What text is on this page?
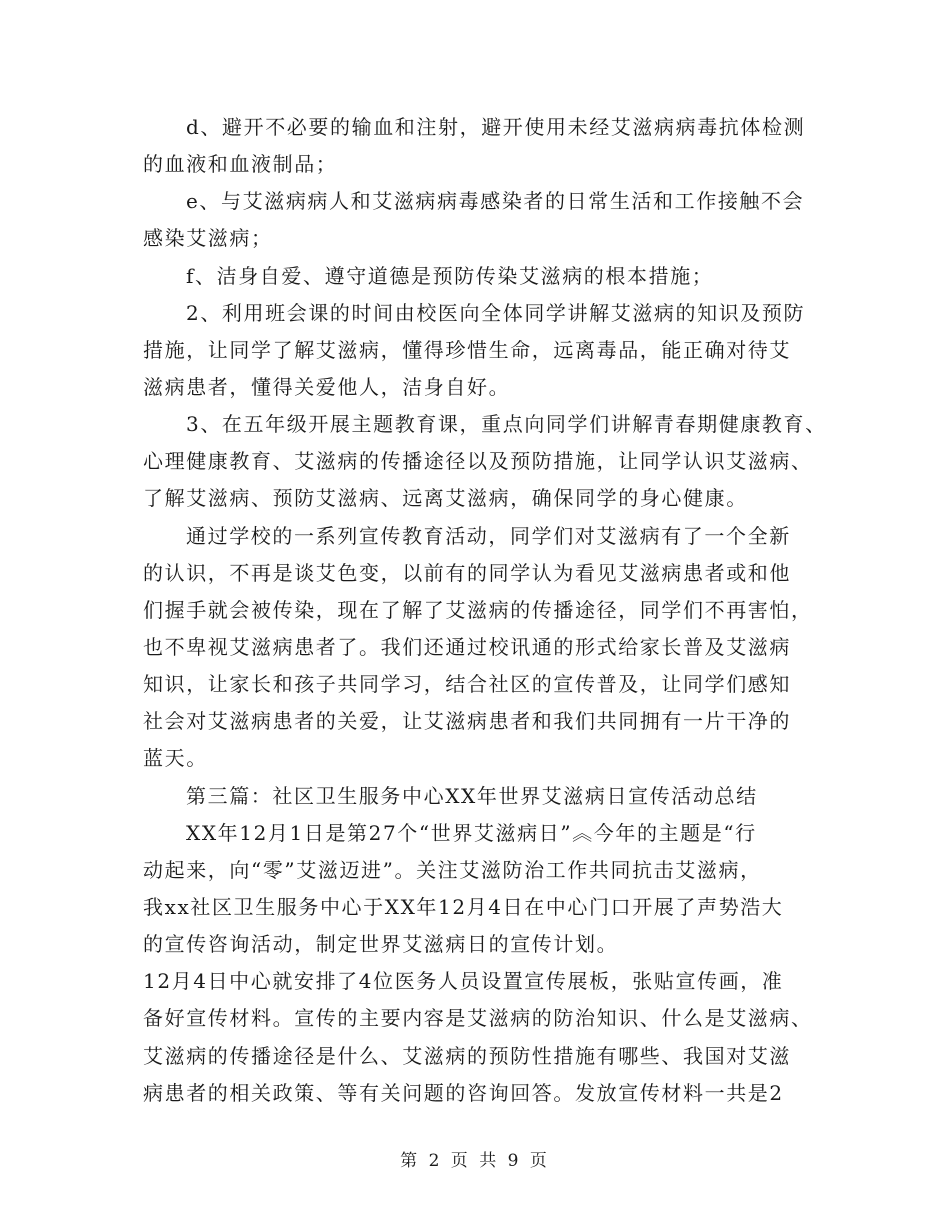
d、避开不必要的输血和注射，避开使用未经艾滋病病毒抗体检测
的血液和血液制品；
e、与艾滋病病人和艾滋病病毒感染者的日常生活和工作接触不会
感染艾滋病；
f、洁身自爱、遵守道德是预防传染艾滋病的根本措施；
2、利用班会课的时间由校医向全体同学讲解艾滋病的知识及预防
措施，让同学了解艾滋病，懂得珍惜生命，远离毒品，能正确对待艾
滋病患者，懂得关爱他人，洁身自好。
3、在五年级开展主题教育课，重点向同学们讲解青春期健康教育、
心理健康教育、艾滋病的传播途径以及预防措施，让同学认识艾滋病、
了解艾滋病、预防艾滋病、远离艾滋病，确保同学的身心健康。
通过学校的一系列宣传教育活动，同学们对艾滋病有了一个全新
的认识，不再是谈艾色变，以前有的同学认为看见艾滋病患者或和他
们握手就会被传染，现在了解了艾滋病的传播途径，同学们不再害怕，
也不卑视艾滋病患者了。我们还通过校讯通的形式给家长普及艾滋病
知识，让家长和孩子共同学习，结合社区的宣传普及，让同学们感知
社会对艾滋病患者的关爱，让艾滋病患者和我们共同拥有一片干净的
蓝天。
第三篇：社区卫生服务中心XX年世界艾滋病日宣传活动总结
XX年12月1日是第27个“世界艾滋病日”︽今年的主题是“行
动起来，向“零”艾滋迈进”。关注艾滋防治工作共同抗击艾滋病，
我xx社区卫生服务中心于XX年12月4日在中心门口开展了声势浩大
的宣传咨询活动，制定世界艾滋病日的宣传计划。
12月4日中心就安排了4位医务人员设置宣传展板，张贴宣传画，准
备好宣传材料。宣传的主要内容是艾滋病的防治知识、什么是艾滋病、
艾滋病的传播途径是什么、艾滋病的预防性措施有哪些、我国对艾滋
病患者的相关政策、等有关问题的咨询回答。发放宣传材料一共是2
第 2 页 共 9 页
